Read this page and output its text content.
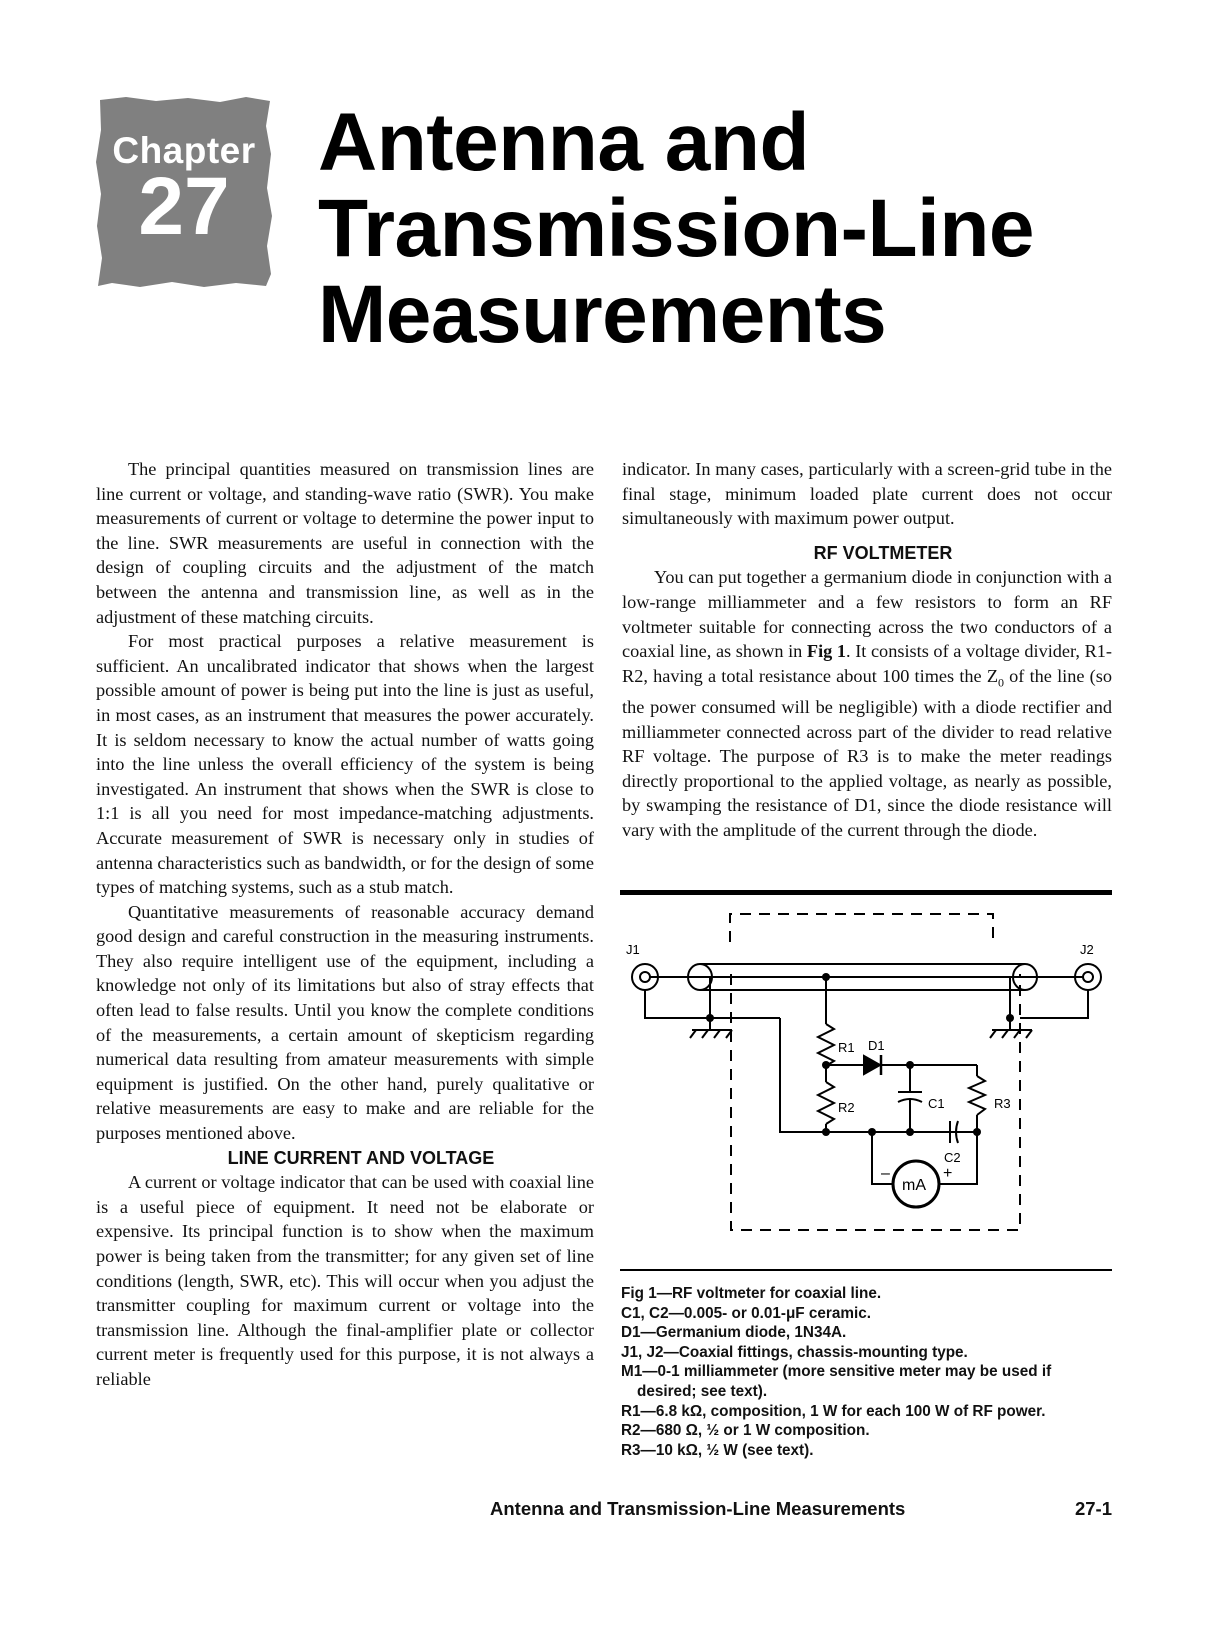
Chapter
27
Antenna and
Transmission-Line
Measurements

The principal quantities measured on transmission lines are line current or voltage, and standing-wave ratio (SWR). You make measurements of current or voltage to determine the power input to the line. SWR measurements are useful in connection with the design of coupling circuits and the adjustment of the match between the antenna and transmission line, as well as in the adjustment of these matching circuits.

For most practical purposes a relative measurement is sufficient. An uncalibrated indicator that shows when the largest possible amount of power is being put into the line is just as useful, in most cases, as an instrument that measures the power accurately. It is seldom necessary to know the actual number of watts going into the line unless the overall efficiency of the system is being investigated. An instrument that shows when the SWR is close to 1:1 is all you need for most impedance-matching adjustments. Accurate measurement of SWR is necessary only in studies of antenna characteristics such as bandwidth, or for the design of some types of matching systems, such as a stub match.

Quantitative measurements of reasonable accuracy demand good design and careful construction in the measuring instruments. They also require intelligent use of the equipment, including a knowledge not only of its limitations but also of stray effects that often lead to false results. Until you know the complete conditions of the measurements, a certain amount of skepticism regarding numerical data resulting from amateur measurements with simple equipment is justified. On the other hand, purely qualitative or relative measurements are easy to make and are reliable for the purposes mentioned above.

LINE CURRENT AND VOLTAGE

A current or voltage indicator that can be used with coaxial line is a useful piece of equipment. It need not be elaborate or expensive. Its principal function is to show when the maximum power is being taken from the transmitter; for any given set of line conditions (length, SWR, etc). This will occur when you adjust the transmitter coupling for maximum current or voltage into the transmission line. Although the final-amplifier plate or collector current meter is frequently used for this purpose, it is not always a reliable

indicator. In many cases, particularly with a screen-grid tube in the final stage, minimum loaded plate current does not occur simultaneously with maximum power output.

RF VOLTMETER

You can put together a germanium diode in conjunction with a low-range milliammeter and a few resistors to form an RF voltmeter suitable for connecting across the two conductors of a coaxial line, as shown in Fig 1. It consists of a voltage divider, R1-R2, having a total resistance about 100 times the $Z_0$ of the line (so the power consumed will be negligible) with a diode rectifier and milliammeter connected across part of the divider to read relative RF voltage. The purpose of R3 is to make the meter readings directly proportional to the applied voltage, as nearly as possible, by swamping the resistance of D1, since the diode resistance will vary with the amplitude of the current through the diode.

J1	J2
R1 D1
R2	C1	R3
C2
mA
–	+
Fig 1—RF voltmeter for coaxial line.
C1, C2—0.005- or 0.01-μF ceramic.
D1—Germanium diode, 1N34A.
J1, J2—Coaxial fittings, chassis-mounting type.
M1—0-1 milliammeter (more sensitive meter may be used if desired; see text).
R1—6.8 kΩ, composition, 1 W for each 100 W of RF power.
R2—680 Ω, ½ or 1 W composition.
R3—10 kΩ, ½ W (see text).
Antenna and Transmission-Line Measurements	27-1
